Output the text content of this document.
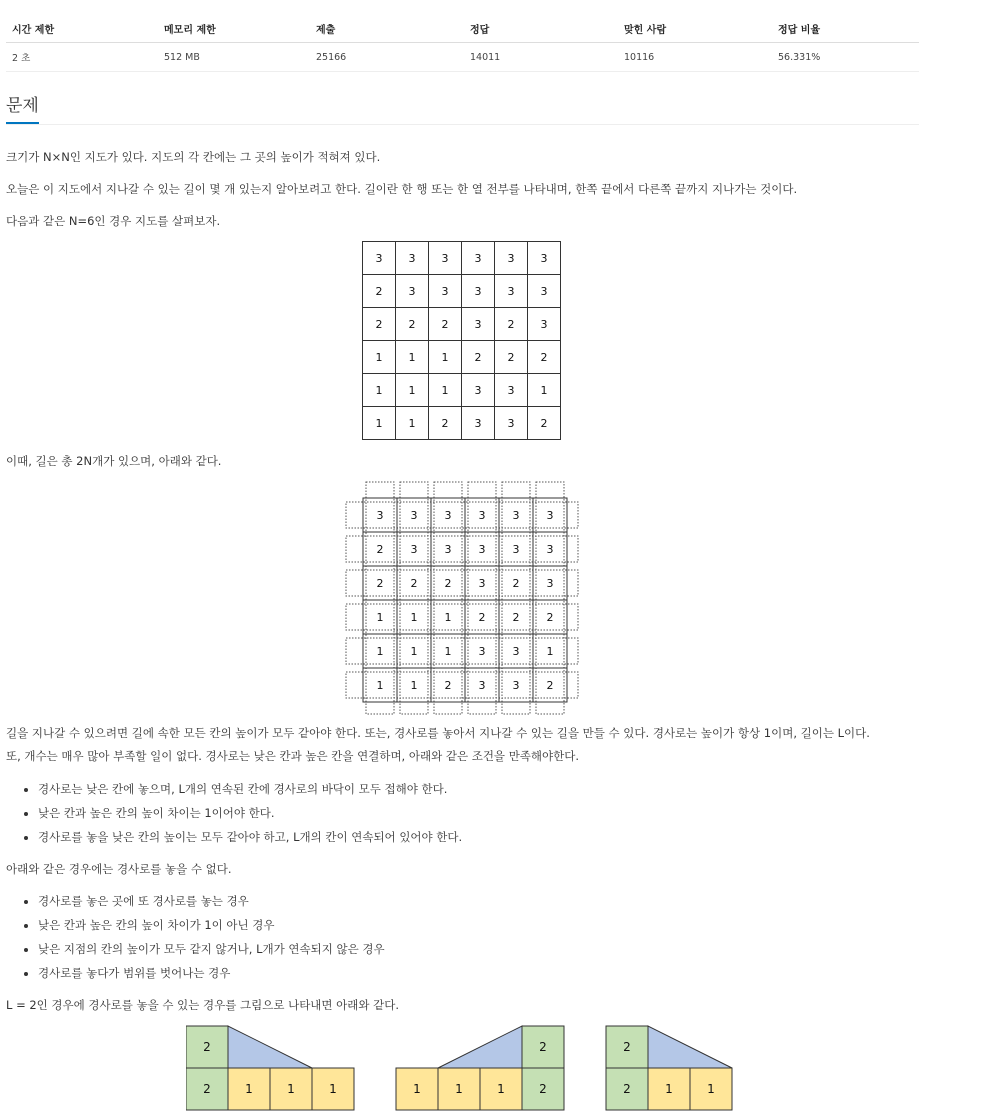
시간 제한	메모리 제한	제출	정답	맞힌 사람	정답 비율
2 초	512 MB	25166	14011	10116	56.331%
문제
크기가 N×N인 지도가 있다. 지도의 각 칸에는 그 곳의 높이가 적혀져 있다.
오늘은 이 지도에서 지나갈 수 있는 길이 몇 개 있는지 알아보려고 한다. 길이란 한 행 또는 한 열 전부를 나타내며, 한쪽 끝에서 다른쪽 끝까지 지나가는 것이다.
다음과 같은 N=6인 경우 지도를 살펴보자.
3	3	3	3	3	3
2	3	3	3	3	3
2	2	2	3	2	3
1	1	1	2	2	2
1	1	1	3	3	1
1	1	2	3	3	2
이때, 길은 총 2N개가 있으며, 아래와 같다.
3 3 3 3 3 3
2 3 3 3 3 3
2 2 2 3 2 3
1 1 1 2 2 2
1 1 1 3 3 1
1 1 2 3 3 2
길을 지나갈 수 있으려면 길에 속한 모든 칸의 높이가 모두 같아야 한다. 또는, 경사로를 놓아서 지나갈 수 있는 길을 만들 수 있다. 경사로는 높이가 항상 1이며, 길이는 L이다.
또, 개수는 매우 많아 부족할 일이 없다. 경사로는 낮은 칸과 높은 칸을 연결하며, 아래와 같은 조건을 만족해야한다.
• 경사로는 낮은 칸에 놓으며, L개의 연속된 칸에 경사로의 바닥이 모두 접해야 한다.
• 낮은 칸과 높은 칸의 높이 차이는 1이어야 한다.
• 경사로를 놓을 낮은 칸의 높이는 모두 같아야 하고, L개의 칸이 연속되어 있어야 한다.
아래와 같은 경우에는 경사로를 놓을 수 없다.
• 경사로를 놓은 곳에 또 경사로를 놓는 경우
• 낮은 칸과 높은 칸의 높이 차이가 1이 아닌 경우
• 낮은 지점의 칸의 높이가 모두 같지 않거나, L개가 연속되지 않은 경우
• 경사로를 놓다가 범위를 벗어나는 경우
L = 2인 경우에 경사로를 놓을 수 있는 경우를 그림으로 나타내면 아래와 같다.
2
2	1	1	1
2
1	1	1	2
2
2	1	1
